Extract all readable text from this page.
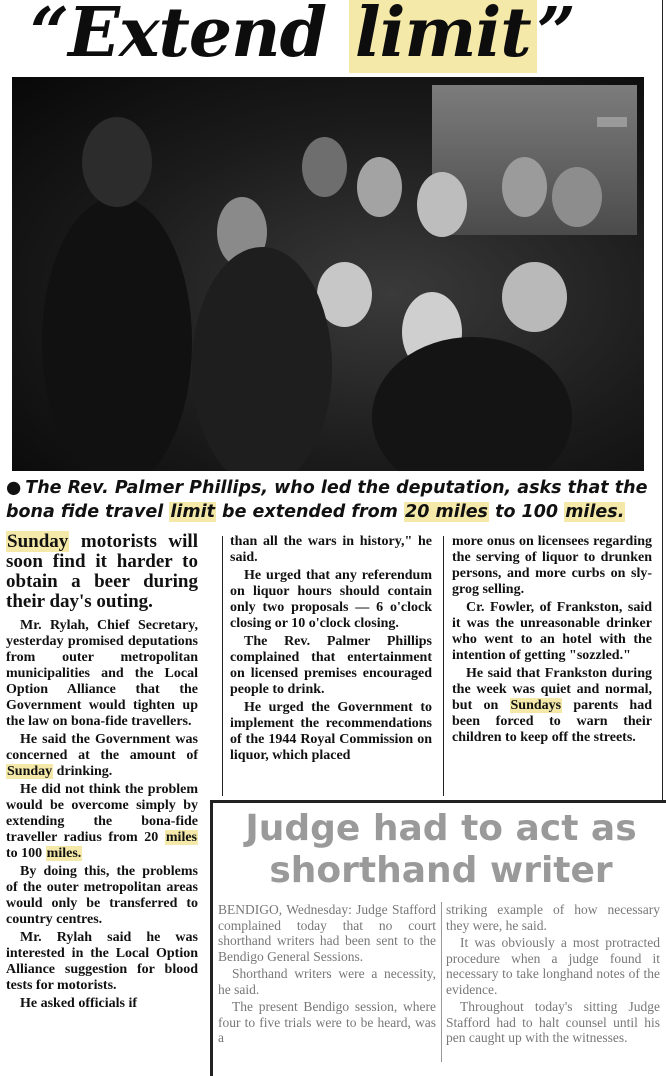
“Extend limit”
● The Rev. Palmer Phillips, who led the deputation, asks that the bona fide travel limit be extended from 20 miles to 100 miles.

Sunday motorists will soon find it harder to obtain a beer during their day's outing.

Mr. Rylah, Chief Secretary, yesterday promised deputations from outer metropolitan municipalities and the Local Option Alliance that the Government would tighten up the law on bona-fide travellers.

He said the Government was concerned at the amount of Sunday drinking.

He did not think the problem would be overcome simply by extending the bona-fide traveller radius from 20 miles to 100 miles.

By doing this, the problems of the outer metropolitan areas would only be transferred to country centres.

Mr. Rylah said he was interested in the Local Option Alliance suggestion for blood tests for motorists.

He asked officials if

than all the wars in history," he said.

He urged that any referendum on liquor hours should contain only two proposals — 6 o'clock closing or 10 o'clock closing.

The Rev. Palmer Phillips complained that entertainment on licensed premises encouraged people to drink.

He urged the Government to implement the recommendations of the 1944 Royal Commission on liquor, which placed

more onus on licensees regarding the serving of liquor to drunken persons, and more curbs on sly-grog selling.

Cr. Fowler, of Frankston, said it was the unreasonable drinker who went to an hotel with the intention of getting "sozzled."

He said that Frankston during the week was quiet and normal, but on Sundays parents had been forced to warn their children to keep off the streets.

Judge had to act as shorthand writer

BENDIGO, Wednesday: Judge Stafford complained today that no court shorthand writers had been sent to the Bendigo General Sessions.

Shorthand writers were a necessity, he said.

The present Bendigo session, where four to five trials were to be heard, was a

striking example of how necessary they were, he said.

It was obviously a most protracted procedure when a judge found it necessary to take longhand notes of the evidence.

Throughout today's sitting Judge Stafford had to halt counsel until his pen caught up with the witnesses.
